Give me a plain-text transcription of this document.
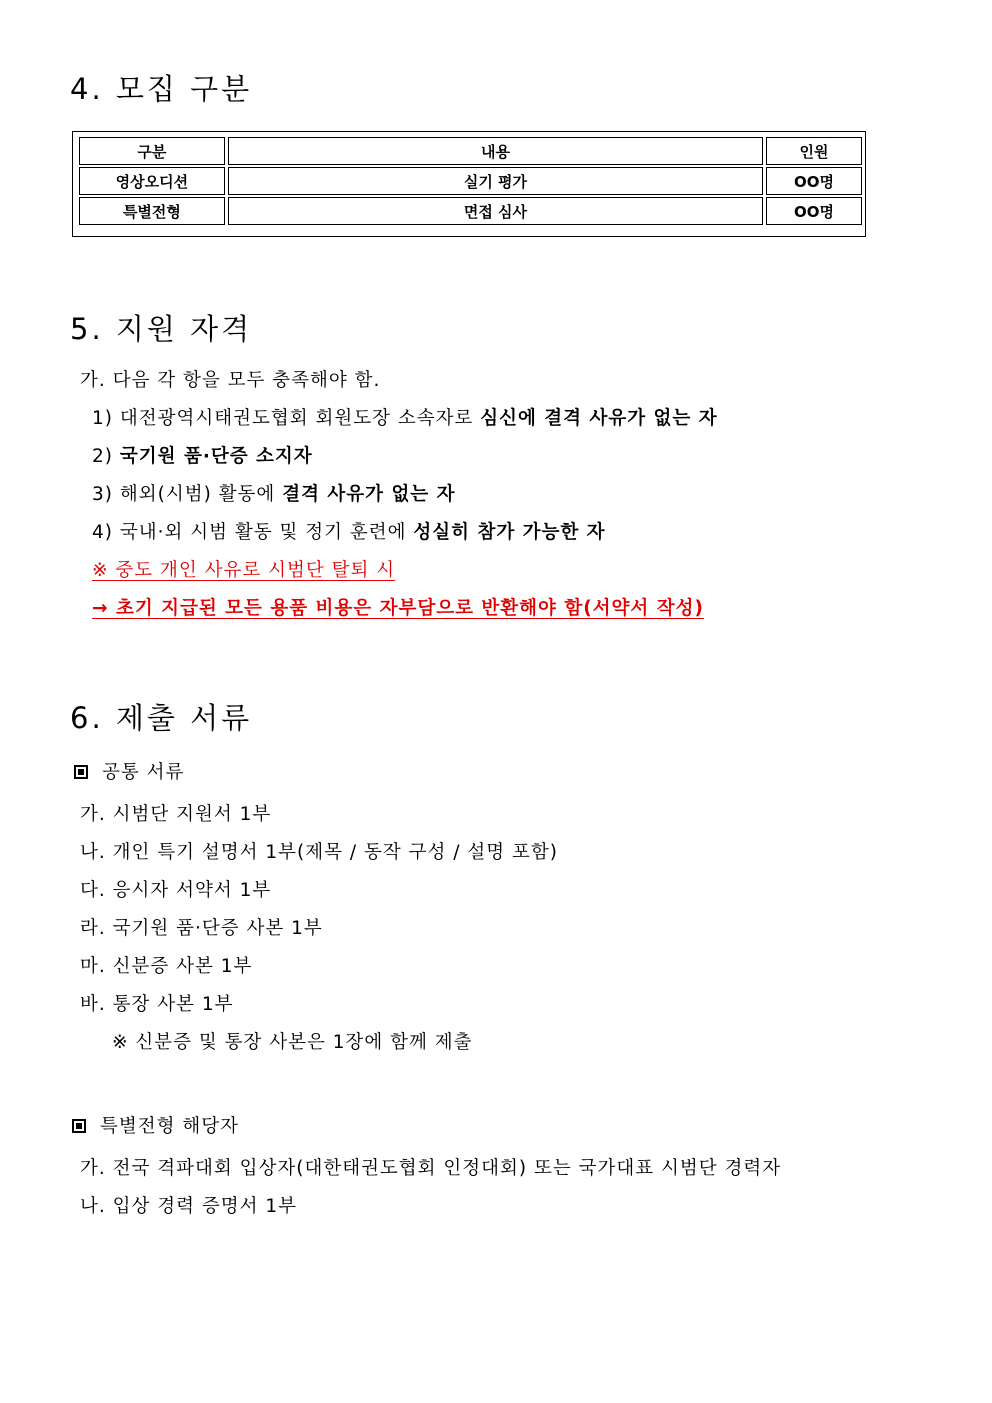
4. 모집 구분
구분	내용	인원
영상오디션	실기 평가	OO명
특별전형	면접 심사	OO명
5. 지원 자격
가. 다음 각 항을 모두 충족해야 함.
1) 대전광역시태권도협회 회원도장 소속자로 심신에 결격 사유가 없는 자
2) 국기원 품·단증 소지자
3) 해외(시범) 활동에 결격 사유가 없는 자
4) 국내·외 시범 활동 및 정기 훈련에 성실히 참가 가능한 자
※ 중도 개인 사유로 시범단 탈퇴 시
→ 초기 지급된 모든 용품 비용은 자부담으로 반환해야 함(서약서 작성)
6. 제출 서류
공통 서류
가. 시범단 지원서 1부
나. 개인 특기 설명서 1부(제목 / 동작 구성 / 설명 포함)
다. 응시자 서약서 1부
라. 국기원 품·단증 사본 1부
마. 신분증 사본 1부
바. 통장 사본 1부
※ 신분증 및 통장 사본은 1장에 함께 제출
특별전형 해당자
가. 전국 격파대회 입상자(대한태권도협회 인정대회) 또는 국가대표 시범단 경력자
나. 입상 경력 증명서 1부
